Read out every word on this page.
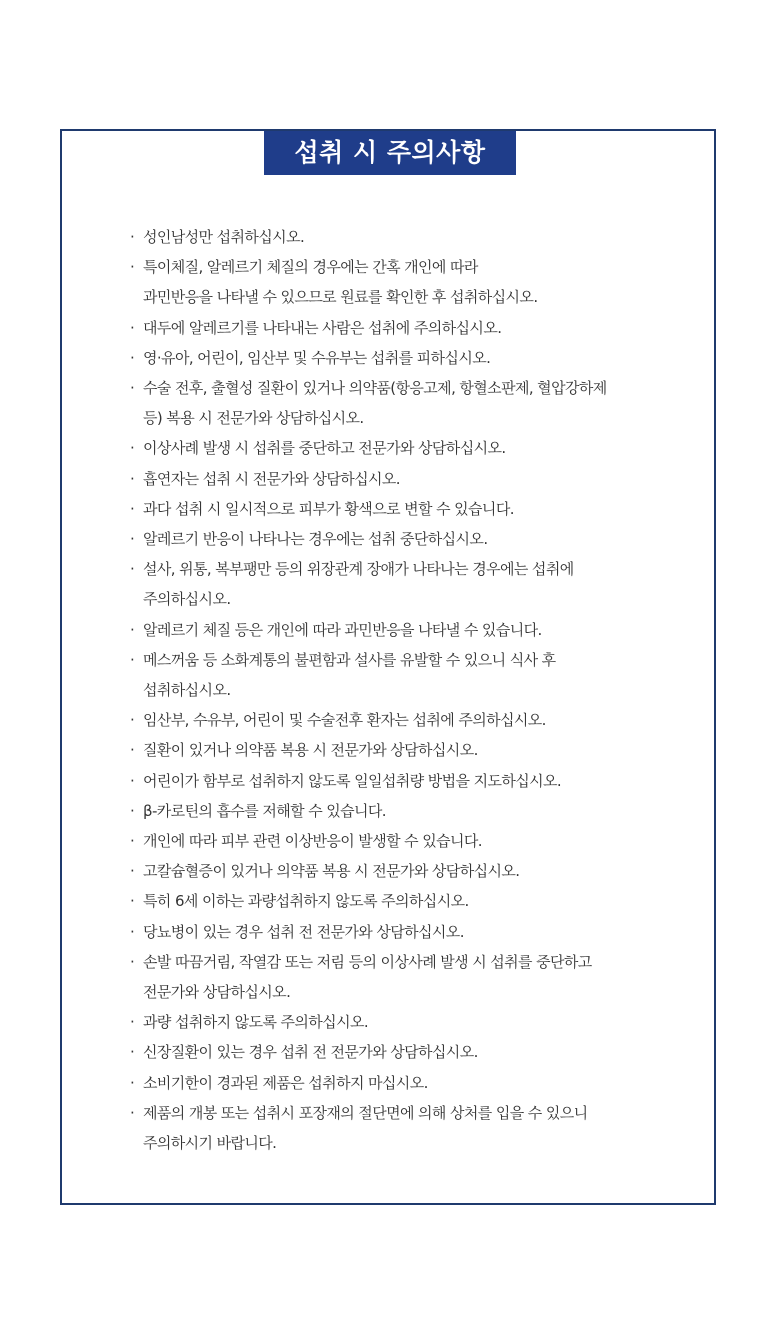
섭취 시 주의사항
· 성인남성만 섭취하십시오.
· 특이체질, 알레르기 체질의 경우에는 간혹 개인에 따라
과민반응을 나타낼 수 있으므로 원료를 확인한 후 섭취하십시오.
· 대두에 알레르기를 나타내는 사람은 섭취에 주의하십시오.
· 영·유아, 어린이, 임산부 및 수유부는 섭취를 피하십시오.
· 수술 전후, 출혈성 질환이 있거나 의약품(항응고제, 항혈소판제, 혈압강하제
등) 복용 시 전문가와 상담하십시오.
· 이상사례 발생 시 섭취를 중단하고 전문가와 상담하십시오.
· 흡연자는 섭취 시 전문가와 상담하십시오.
· 과다 섭취 시 일시적으로 피부가 황색으로 변할 수 있습니다.
· 알레르기 반응이 나타나는 경우에는 섭취 중단하십시오.
· 설사, 위통, 복부팽만 등의 위장관계 장애가 나타나는 경우에는 섭취에
주의하십시오.
· 알레르기 체질 등은 개인에 따라 과민반응을 나타낼 수 있습니다.
· 메스꺼움 등 소화계통의 불편함과 설사를 유발할 수 있으니 식사 후
섭취하십시오.
· 임산부, 수유부, 어린이 및 수술전후 환자는 섭취에 주의하십시오.
· 질환이 있거나 의약품 복용 시 전문가와 상담하십시오.
· 어린이가 함부로 섭취하지 않도록 일일섭취량 방법을 지도하십시오.
· β-카로틴의 흡수를 저해할 수 있습니다.
· 개인에 따라 피부 관련 이상반응이 발생할 수 있습니다.
· 고칼슘혈증이 있거나 의약품 복용 시 전문가와 상담하십시오.
· 특히 6세 이하는 과량섭취하지 않도록 주의하십시오.
· 당뇨병이 있는 경우 섭취 전 전문가와 상담하십시오.
· 손발 따끔거림, 작열감 또는 저림 등의 이상사례 발생 시 섭취를 중단하고
전문가와 상담하십시오.
· 과량 섭취하지 않도록 주의하십시오.
· 신장질환이 있는 경우 섭취 전 전문가와 상담하십시오.
· 소비기한이 경과된 제품은 섭취하지 마십시오.
· 제품의 개봉 또는 섭취시 포장재의 절단면에 의해 상처를 입을 수 있으니
주의하시기 바랍니다.
